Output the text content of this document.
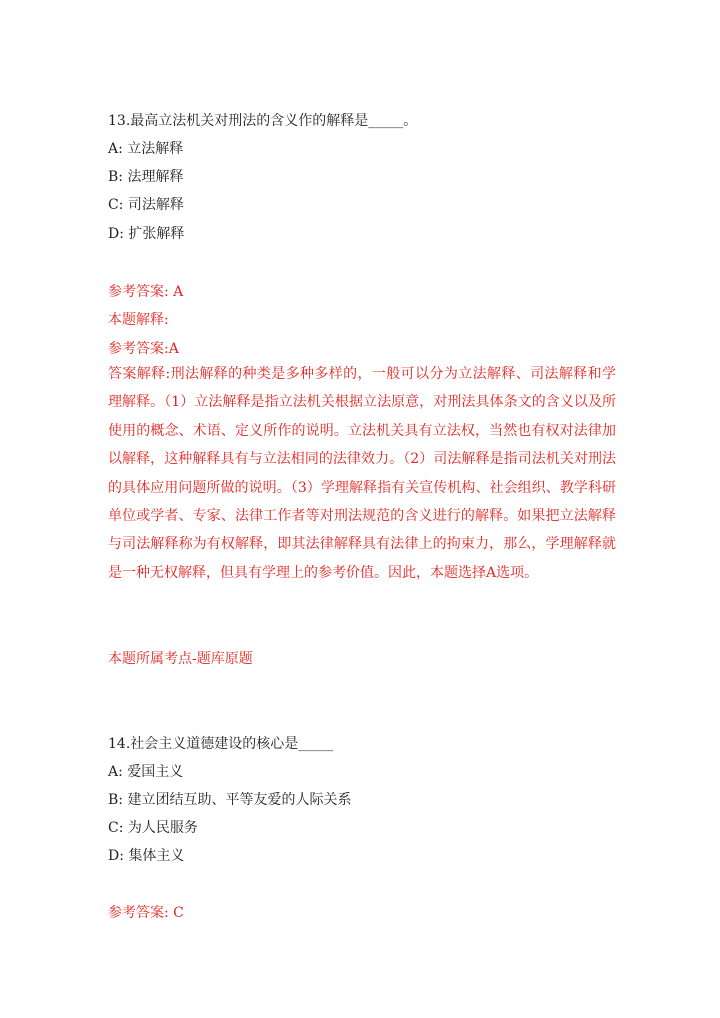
13.最高立法机关对刑法的含义作的解释是_____。
A: 立法解释
B: 法理解释
C: 司法解释
D: 扩张解释
参考答案: A
本题解释:
参考答案:A
答案解释:刑法解释的种类是多种多样的，一般可以分为立法解释、司法解释和学理解释。（1）立法解释是指立法机关根据立法原意，对刑法具体条文的含义以及所使用的概念、术语、定义所作的说明。立法机关具有立法权，当然也有权对法律加以解释，这种解释具有与立法相同的法律效力。（2）司法解释是指司法机关对刑法的具体应用问题所做的说明。（3）学理解释指有关宣传机构、社会组织、教学科研单位或学者、专家、法律工作者等对刑法规范的含义进行的解释。如果把立法解释与司法解释称为有权解释，即其法律解释具有法律上的拘束力，那么，学理解释就是一种无权解释，但具有学理上的参考价值。因此，本题选择A选项。
本题所属考点-题库原题
14.社会主义道德建设的核心是_____
A: 爱国主义
B: 建立团结互助、平等友爱的人际关系
C: 为人民服务
D: 集体主义
参考答案: C
